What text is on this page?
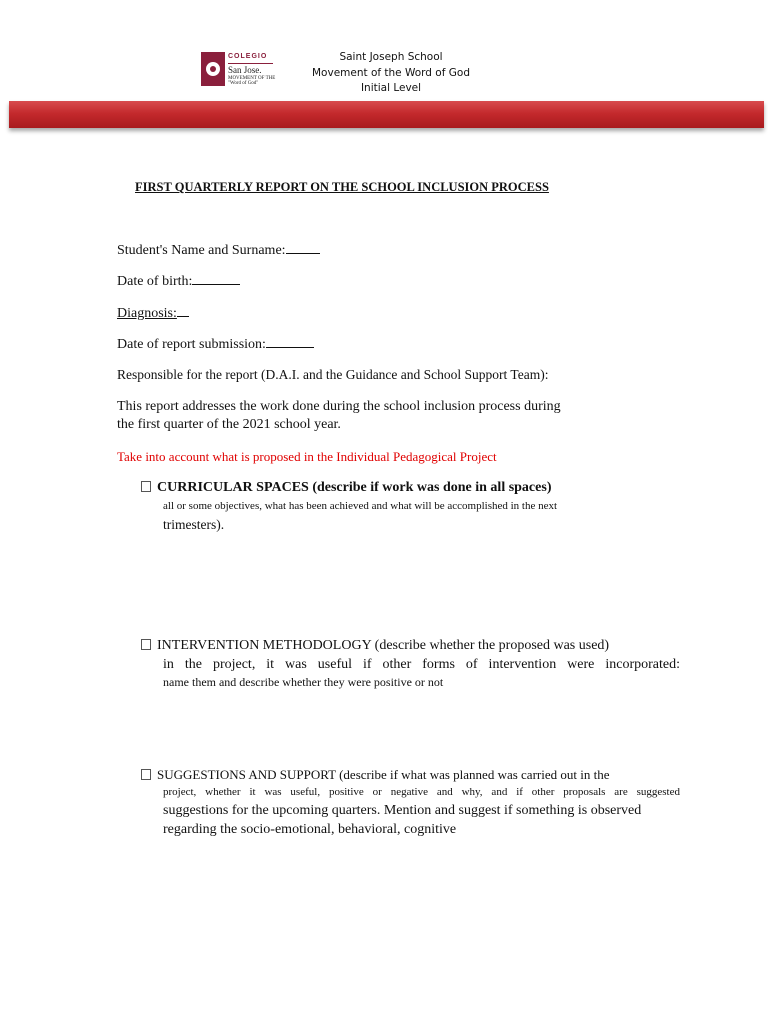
COLEGIO
San Jose.
MOVEMENT OF THE
"Word of God"
Saint Joseph School
Movement of the Word of God
Initial Level
FIRST QUARTERLY REPORT ON THE SCHOOL INCLUSION PROCESS
Student's Name and Surname:
Date of birth:
Diagnosis:
Date of report submission:
Responsible for the report (D.A.I. and the Guidance and School Support Team):
This report addresses the work done during the school inclusion process during
the first quarter of the 2021 school year.
Take into account what is proposed in the Individual Pedagogical Project
CURRICULAR SPACES (describe if work was done in all spaces)
all or some objectives, what has been achieved and what will be accomplished in the next
trimesters).
INTERVENTION METHODOLOGY (describe whether the proposed was used)
in the project, it was useful if other forms of intervention were incorporated:
name them and describe whether they were positive or not
SUGGESTIONS AND SUPPORT (describe if what was planned was carried out in the
project, whether it was useful, positive or negative and why, and if other proposals are suggested
suggestions for the upcoming quarters. Mention and suggest if something is observed
regarding the socio-emotional, behavioral, cognitive
